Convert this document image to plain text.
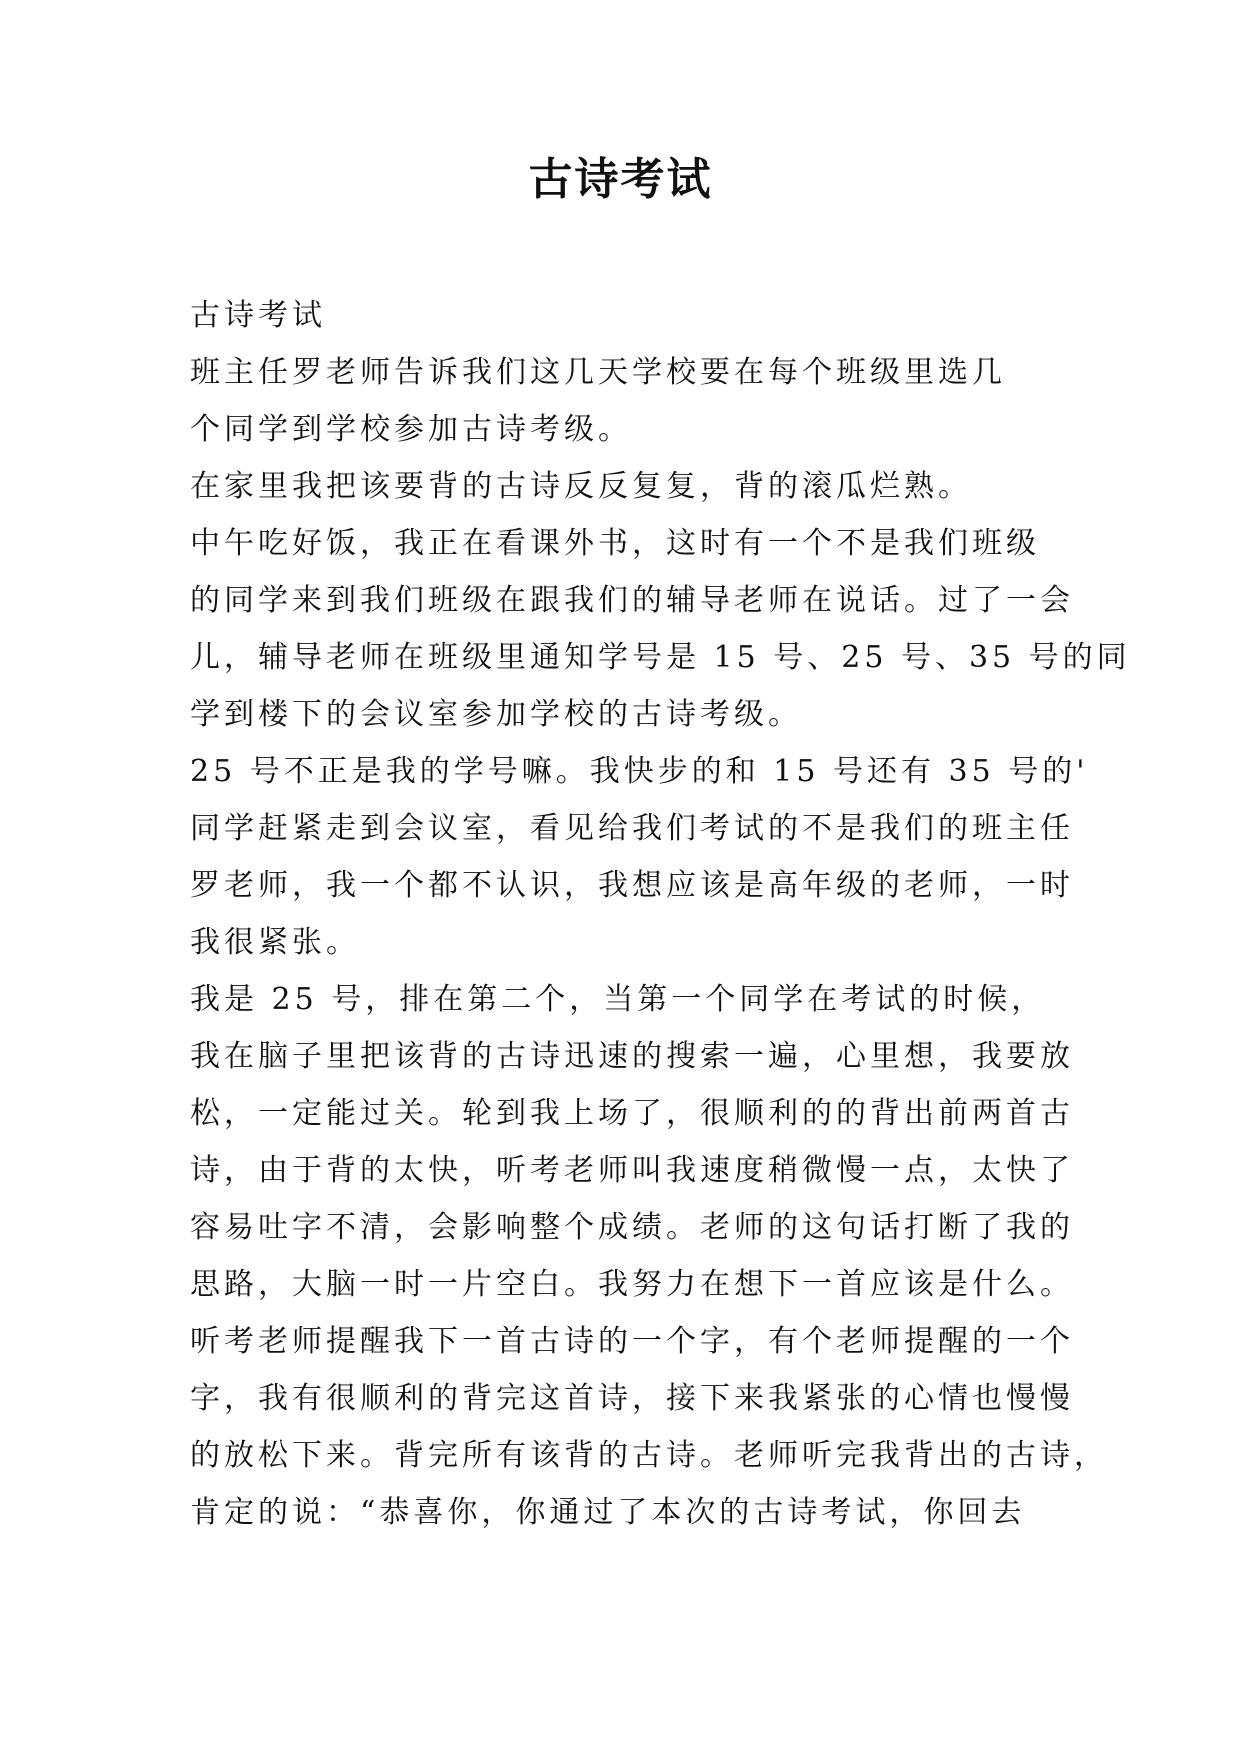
古诗考试
古诗考试
班主任罗老师告诉我们这几天学校要在每个班级里选几
个同学到学校参加古诗考级。
在家里我把该要背的古诗反反复复，背的滚瓜烂熟。
中午吃好饭，我正在看课外书，这时有一个不是我们班级
的同学来到我们班级在跟我们的辅导老师在说话。过了一会
儿，辅导老师在班级里通知学号是 15 号、25 号、35 号的同
学到楼下的会议室参加学校的古诗考级。
25 号不正是我的学号嘛。我快步的和 15 号还有 35 号的'
同学赶紧走到会议室，看见给我们考试的不是我们的班主任
罗老师，我一个都不认识，我想应该是高年级的老师，一时
我很紧张。
我是 25 号，排在第二个，当第一个同学在考试的时候，
我在脑子里把该背的古诗迅速的搜索一遍，心里想，我要放
松，一定能过关。轮到我上场了，很顺利的的背出前两首古
诗，由于背的太快，听考老师叫我速度稍微慢一点，太快了
容易吐字不清，会影响整个成绩。老师的这句话打断了我的
思路，大脑一时一片空白。我努力在想下一首应该是什么。
听考老师提醒我下一首古诗的一个字，有个老师提醒的一个
字，我有很顺利的背完这首诗，接下来我紧张的心情也慢慢
的放松下来。背完所有该背的古诗。老师听完我背出的古诗，
肯定的说：“恭喜你，你通过了本次的古诗考试，你回去
